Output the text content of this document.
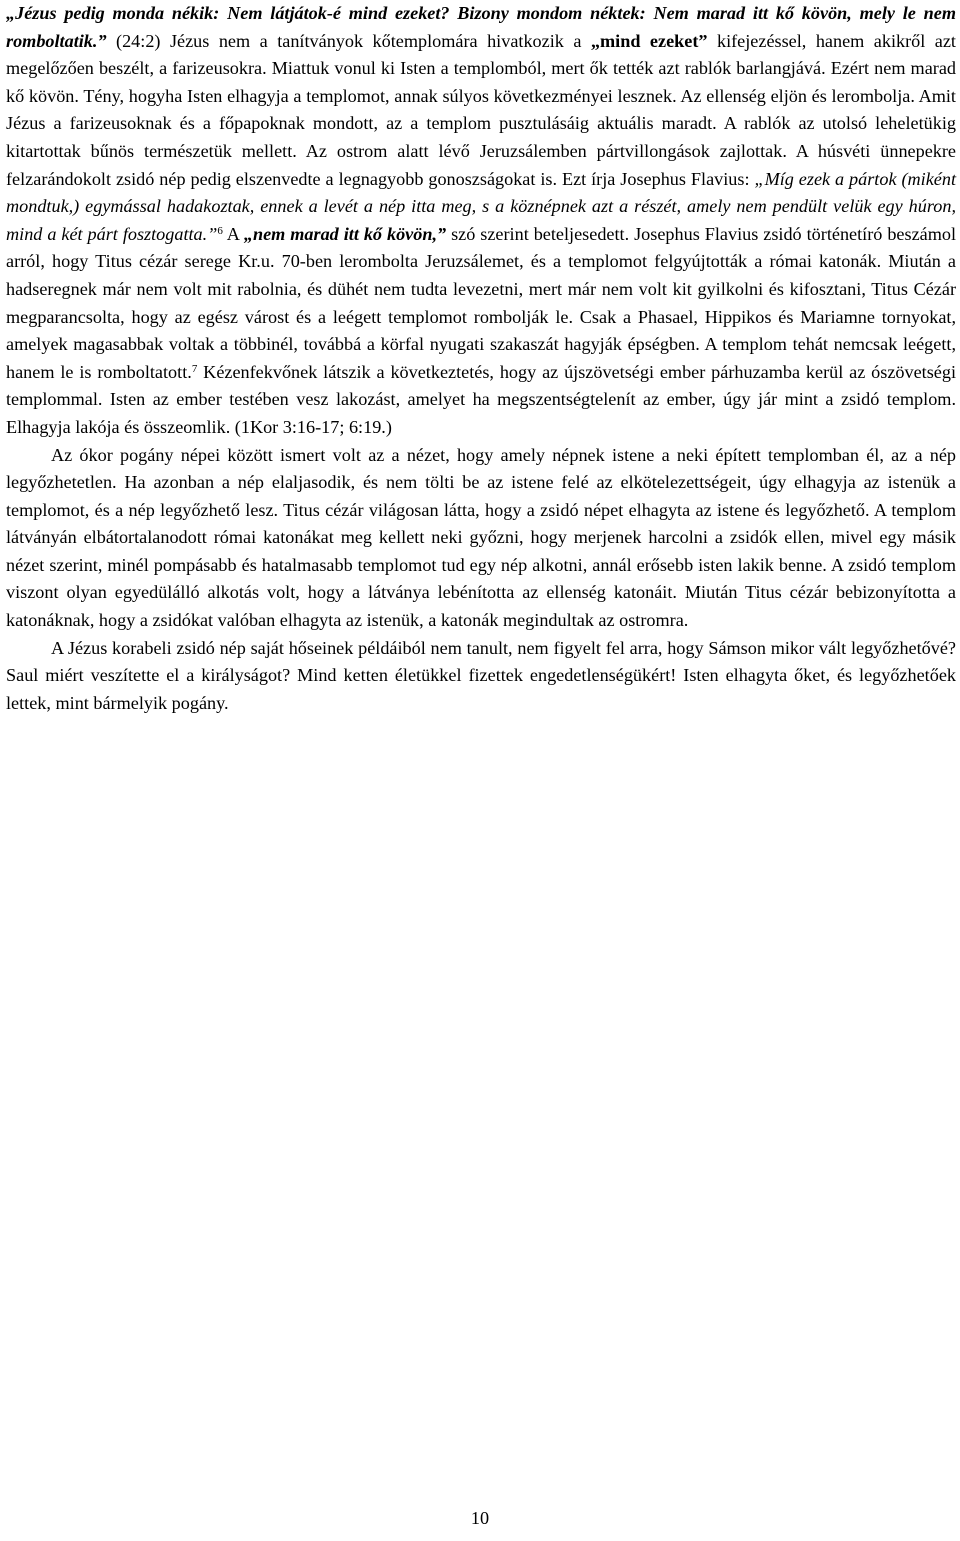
„Jézus pedig monda nékik: Nem látjátok-é mind ezeket? Bizony mondom néktek: Nem marad itt kő kövön, mely le nem romboltatik.” (24:2) Jézus nem a tanítványok kőtemplomára hivatkozik a „mind ezeket” kifejezéssel, hanem akikről azt megelőzően beszélt, a farizeusokra. Miattuk vonul ki Isten a templomból, mert ők tették azt rablók barlangjává. Ezért nem marad kő kövön. Tény, hogyha Isten elhagyja a templomot, annak súlyos következményei lesznek. Az ellenség eljön és lerombolja. Amit Jézus a farizeusoknak és a főpapoknak mondott, az a templom pusztulásáig aktuális maradt. A rablók az utolsó leheletükig kitartottak bűnös természetük mellett. Az ostrom alatt lévő Jeruzsálemben pártvillongások zajlottak. A húsvéti ünnepekre felzarándokolt zsidó nép pedig elszenvedte a legnagyobb gonoszságokat is. Ezt írja Josephus Flavius: „Míg ezek a pártok (miként mondtuk,) egymással hadakoztak, ennek a levét a nép itta meg, s a köznépnek azt a részét, amely nem pendült velük egy húron, mind a két párt fosztogatta.”$^6$ A „nem marad itt kő kövön,” szó szerint beteljesedett. Josephus Flavius zsidó történetíró beszámol arról, hogy Titus cézár serege Kr.u. 70-ben lerombolta Jeruzsálemet, és a templomot felgyújtották a római katonák. Miután a hadseregnek már nem volt mit rabolnia, és dühét nem tudta levezetni, mert már nem volt kit gyilkolni és kifosztani, Titus Cézár megparancsolta, hogy az egész várost és a leégett templomot rombolják le. Csak a Phasael, Hippikos és Mariamne tornyokat, amelyek magasabbak voltak a többinél, továbbá a körfal nyugati szakaszát hagyják épségben. A templom tehát nemcsak leégett, hanem le is romboltatott.$^7$ Kézenfekvőnek látszik a következtetés, hogy az újszövetségi ember párhuzamba kerül az ószövetségi templommal. Isten az ember testében vesz lakozást, amelyet ha megszentségtelenít az ember, úgy jár mint a zsidó templom. Elhagyja lakója és összeomlik. (1Kor 3:16-17; 6:19.)

Az ókor pogány népei között ismert volt az a nézet, hogy amely népnek istene a neki épített templomban él, az a nép legyőzhetetlen. Ha azonban a nép elaljasodik, és nem tölti be az istene felé az elkötelezettségeit, úgy elhagyja az istenük a templomot, és a nép legyőzhető lesz. Titus cézár világosan látta, hogy a zsidó népet elhagyta az istene és legyőzhető. A templom látványán elbátortalanodott római katonákat meg kellett neki győzni, hogy merjenek harcolni a zsidók ellen, mivel egy másik nézet szerint, minél pompásabb és hatalmasabb templomot tud egy nép alkotni, annál erősebb isten lakik benne. A zsidó templom viszont olyan egyedülálló alkotás volt, hogy a látványa lebénította az ellenség katonáit. Miután Titus cézár bebizonyította a katonáknak, hogy a zsidókat valóban elhagyta az istenük, a katonák megindultak az ostromra.

A Jézus korabeli zsidó nép saját hőseinek példáiból nem tanult, nem figyelt fel arra, hogy Sámson mikor vált legyőzhetővé? Saul miért veszítette el a királyságot? Mind ketten életükkel fizettek engedetlenségükért! Isten elhagyta őket, és legyőzhetőek lettek, mint bármelyik pogány.

10
